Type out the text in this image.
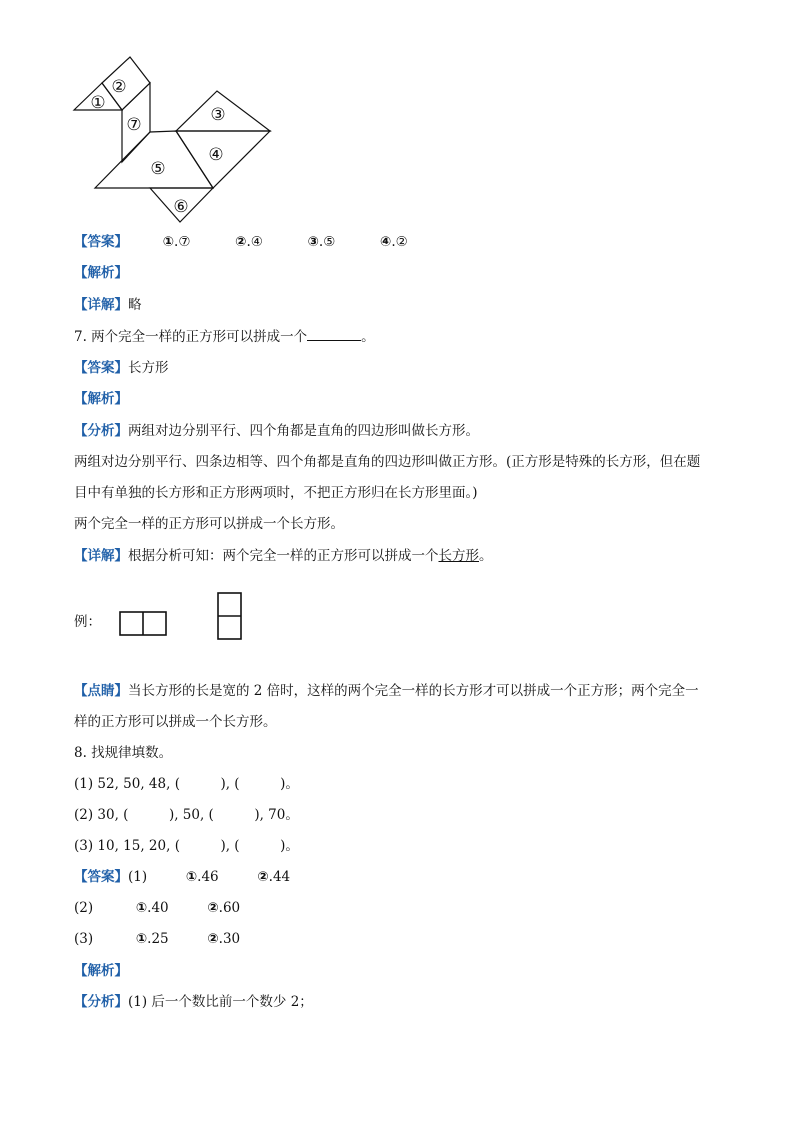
①
②
⑦	③
④
⑤
⑥
【答案】	①.⑦	②.④	③.⑤	④.②
【解析】
【详解】略
7. 两个完全一样的正方形可以拼成一个	。
【答案】长方形
【解析】
【分析】两组对边分别平行、四个角都是直角的四边形叫做长方形。
两组对边分别平行、四条边相等、四个角都是直角的四边形叫做正方形。(正方形是特殊的长方形，但在题
目中有单独的长方形和正方形两项时，不把正方形归在长方形里面。)
两个完全一样的正方形可以拼成一个长方形。
【详解】根据分析可知：两个完全一样的正方形可以拼成一个长方形。
例：
【点睛】当长方形的长是宽的 2 倍时，这样的两个完全一样的长方形才可以拼成一个正方形；两个完全一
样的正方形可以拼成一个长方形。
8. 找规律填数。
(1) 52, 50, 48, (　　　), (　　　)。
(2) 30, (　　　), 50, (　　　), 70。
(3) 10, 15, 20, (　　　), (　　　)。
【答案】(1)	①.46	②.44
(2)	①.40	②.60
(3)	①.25	②.30
【解析】
【分析】(1) 后一个数比前一个数少 2；
